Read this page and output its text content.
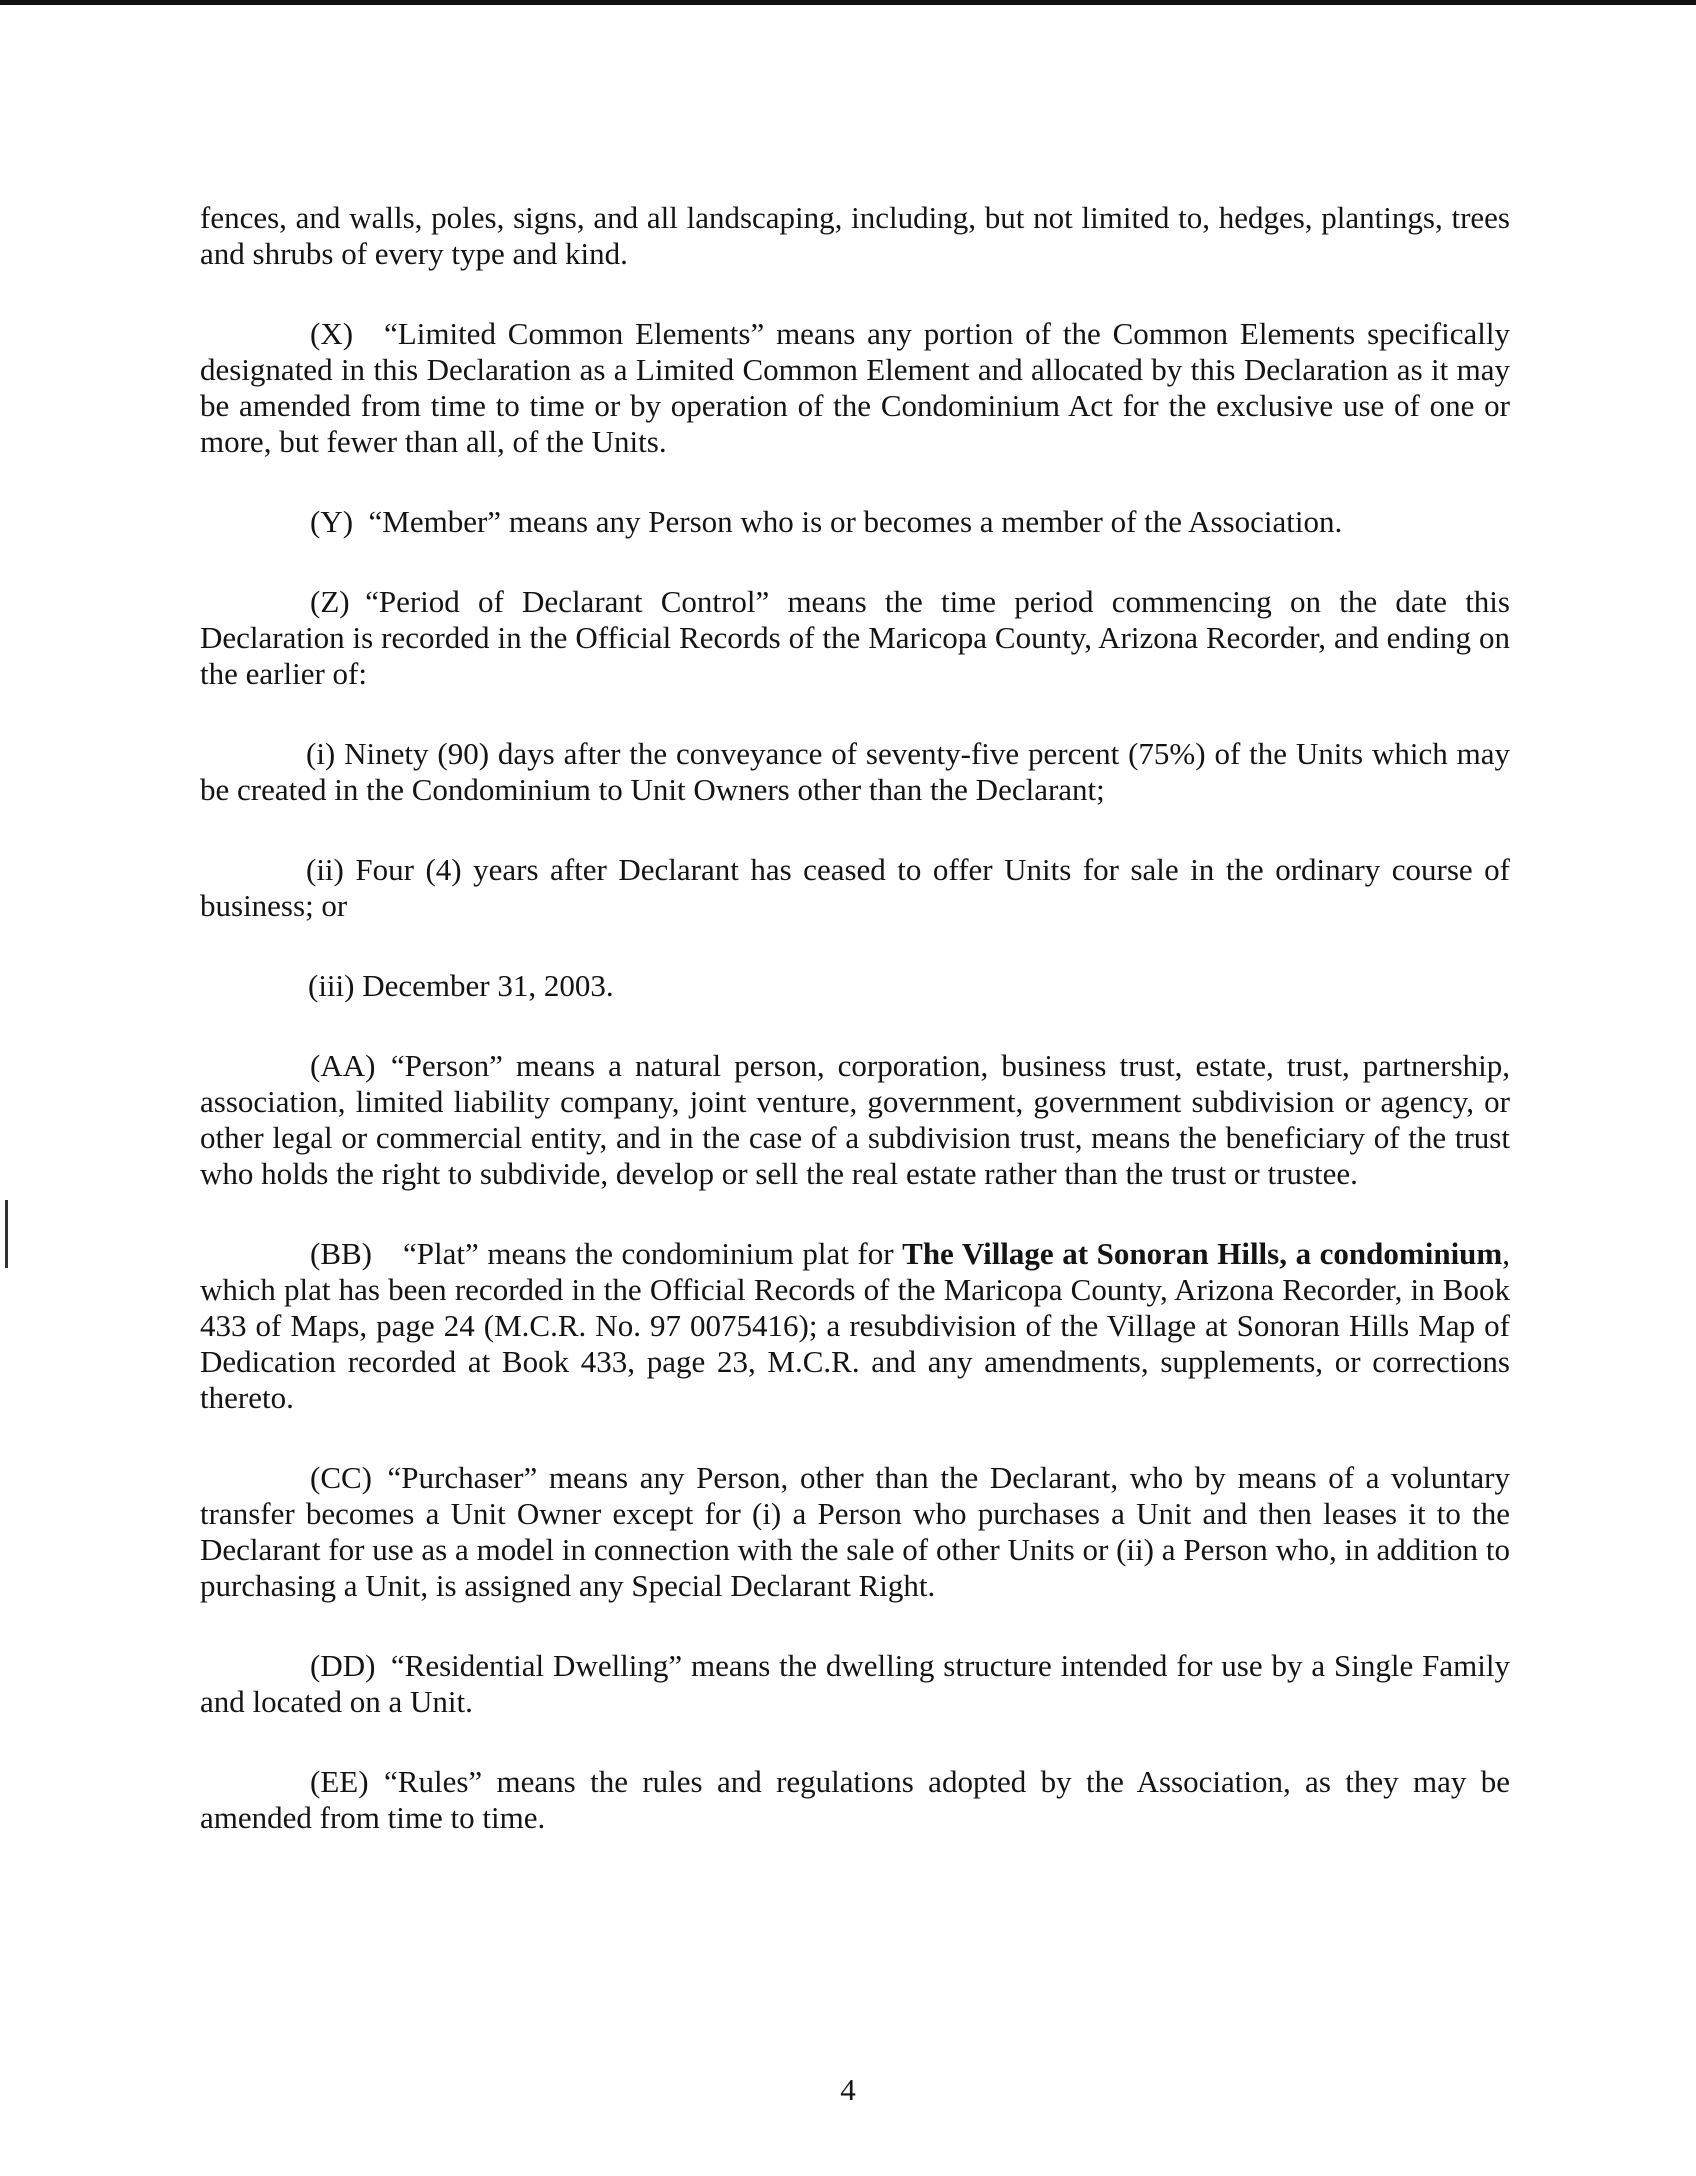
fences, and walls, poles, signs, and all landscaping, including, but not limited to, hedges, plantings, trees and shrubs of every type and kind.

(X) “Limited Common Elements” means any portion of the Common Elements specifically designated in this Declaration as a Limited Common Element and allocated by this Declaration as it may be amended from time to time or by operation of the Condominium Act for the exclusive use of one or more, but fewer than all, of the Units.

(Y) “Member” means any Person who is or becomes a member of the Association.

(Z) “Period of Declarant Control” means the time period commencing on the date this Declaration is recorded in the Official Records of the Maricopa County, Arizona Recorder, and ending on the earlier of:

(i) Ninety (90) days after the conveyance of seventy-five percent (75%) of the Units which may be created in the Condominium to Unit Owners other than the Declarant;

(ii) Four (4) years after Declarant has ceased to offer Units for sale in the ordinary course of business; or

(iii) December 31, 2003.

(AA) “Person” means a natural person, corporation, business trust, estate, trust, partnership, association, limited liability company, joint venture, government, government subdivision or agency, or other legal or commercial entity, and in the case of a subdivision trust, means the beneficiary of the trust who holds the right to subdivide, develop or sell the real estate rather than the trust or trustee.

(BB) “Plat” means the condominium plat for The Village at Sonoran Hills, a condominium, which plat has been recorded in the Official Records of the Maricopa County, Arizona Recorder, in Book 433 of Maps, page 24 (M.C.R. No. 97 0075416); a resubdivision of the Village at Sonoran Hills Map of Dedication recorded at Book 433, page 23, M.C.R. and any amendments, supplements, or corrections thereto.

(CC) “Purchaser” means any Person, other than the Declarant, who by means of a voluntary transfer becomes a Unit Owner except for (i) a Person who purchases a Unit and then leases it to the Declarant for use as a model in connection with the sale of other Units or (ii) a Person who, in addition to purchasing a Unit, is assigned any Special Declarant Right.

(DD) “Residential Dwelling” means the dwelling structure intended for use by a Single Family and located on a Unit.

(EE) “Rules” means the rules and regulations adopted by the Association, as they may be amended from time to time.

4
